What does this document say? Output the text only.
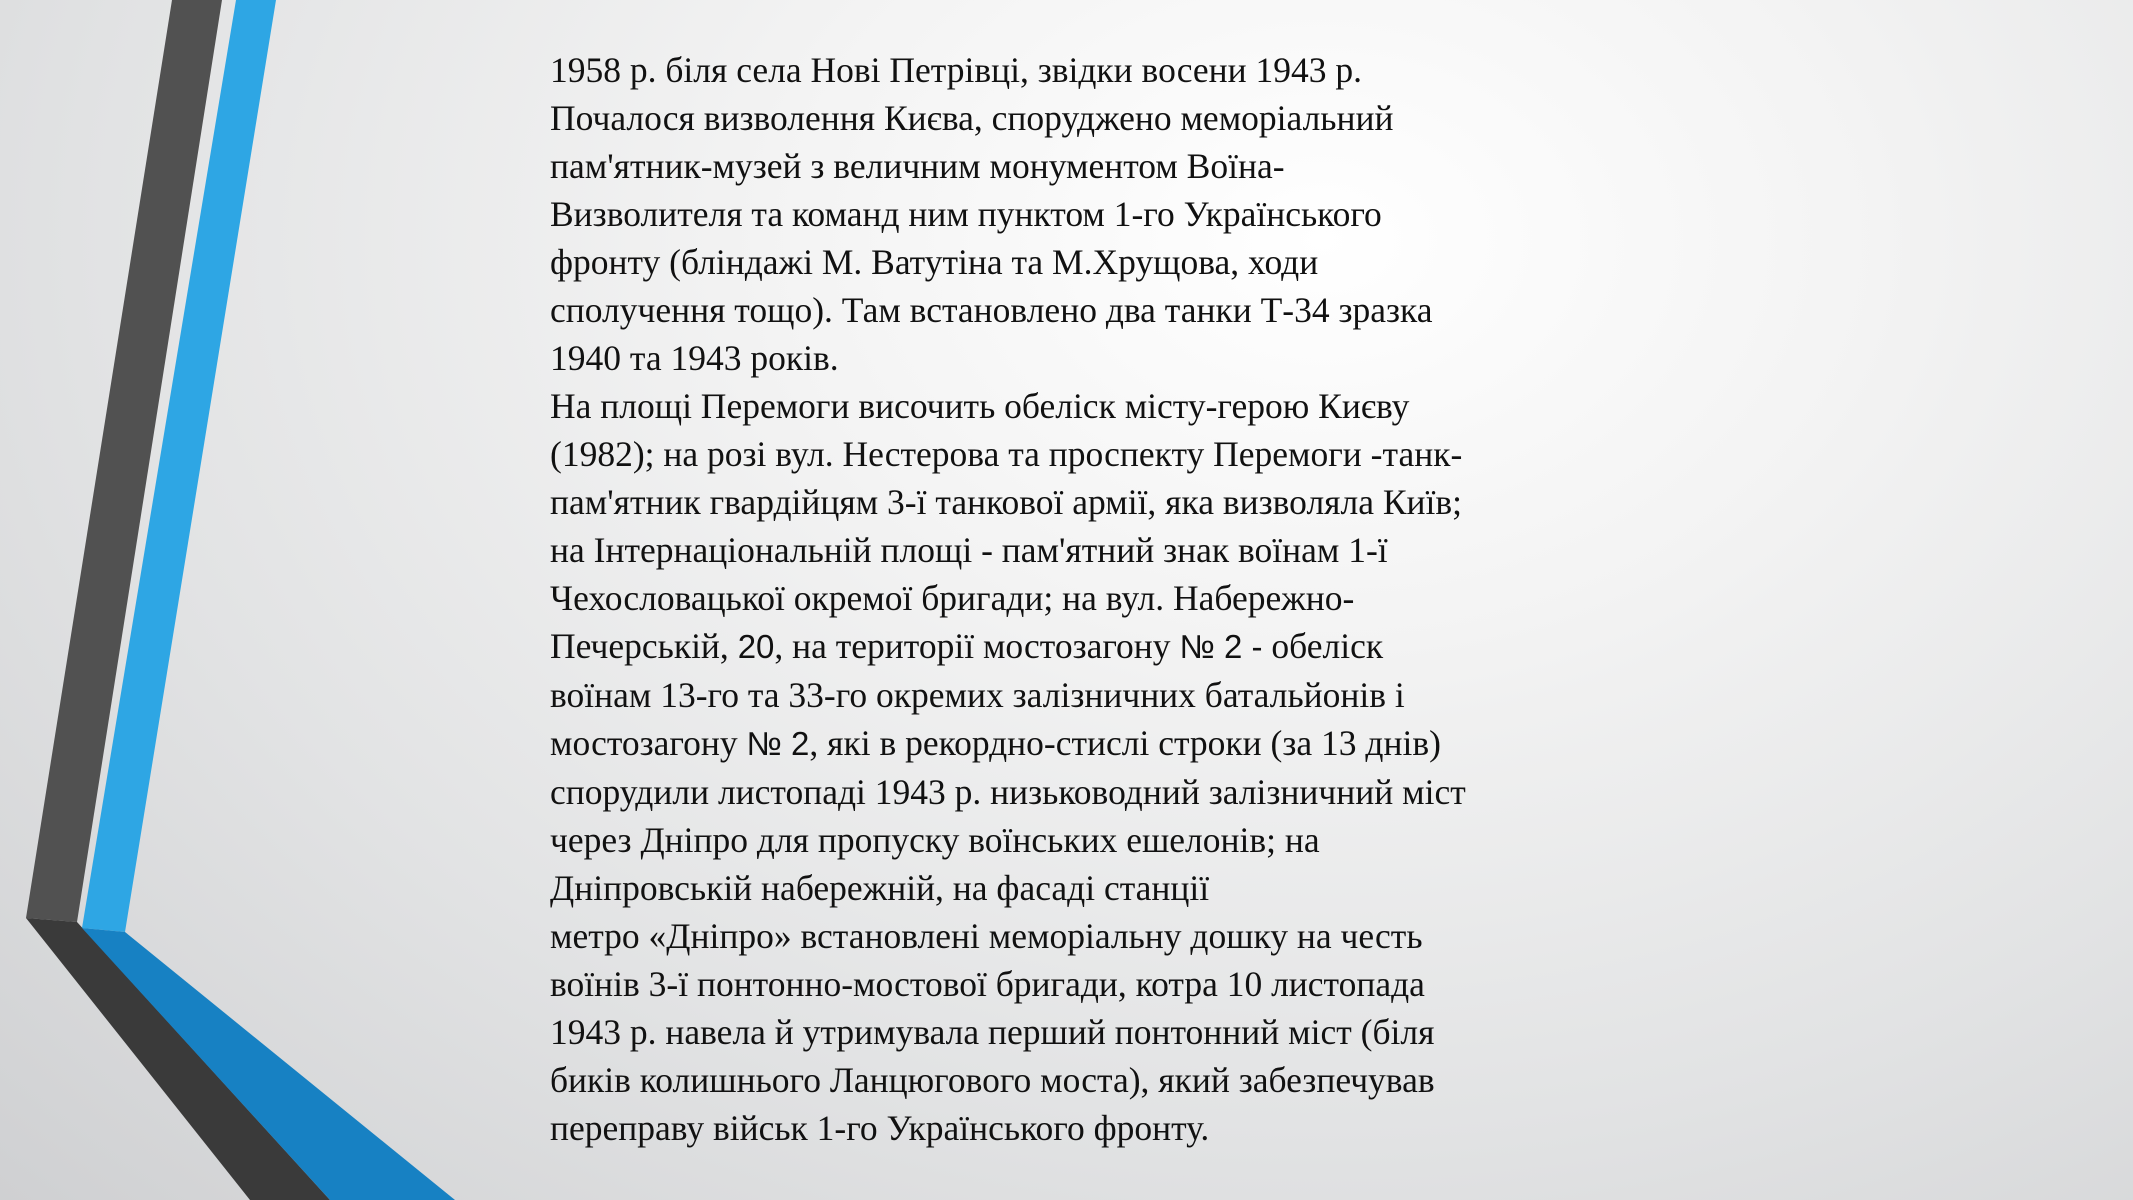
1958 р. біля села Нові Петрівці, звідки восени 1943 р.
Почалося визволення Києва, споруджено меморіальний
пам'ятник-музей з величним монументом Воїна-
Визволителя та команд ним пунктом 1-го Українського
фронту (бліндажі М. Ватутіна та М.Хрущова, ходи
сполучення тощо). Там встановлено два танки Т-34 зразка
1940 та 1943 років.
На площі Перемоги височить обеліск місту-герою Києву
(1982); на розі вул. Нестерова та проспекту Перемоги -танк-
пам'ятник гвардійцям 3-ї танкової армії, яка визволяла Київ;
на Інтернаціональній площі - пам'ятний знак воїнам 1-ї
Чехословацької окремої бригади; на вул. Набережно-
Печерській, 20, на території мостозагону № 2 - обеліск
воїнам 13-го та 33-го окремих залізничних батальйонів і
мостозагону № 2, які в рекордно-стислі строки (за 13 днів)
спорудили листопаді 1943 р. низьководний залізничний міст
через Дніпро для пропуску воїнських ешелонів; на
Дніпровській набережній, на фасаді станції
метро «Дніпро» встановлені меморіальну дошку на честь
воїнів 3-ї понтонно-мостової бригади, котра 10 листопада
1943 р. навела й утримувала перший понтонний міст (біля
биків колишнього Ланцюгового моста), який забезпечував
переправу військ 1-го Українського фронту.
